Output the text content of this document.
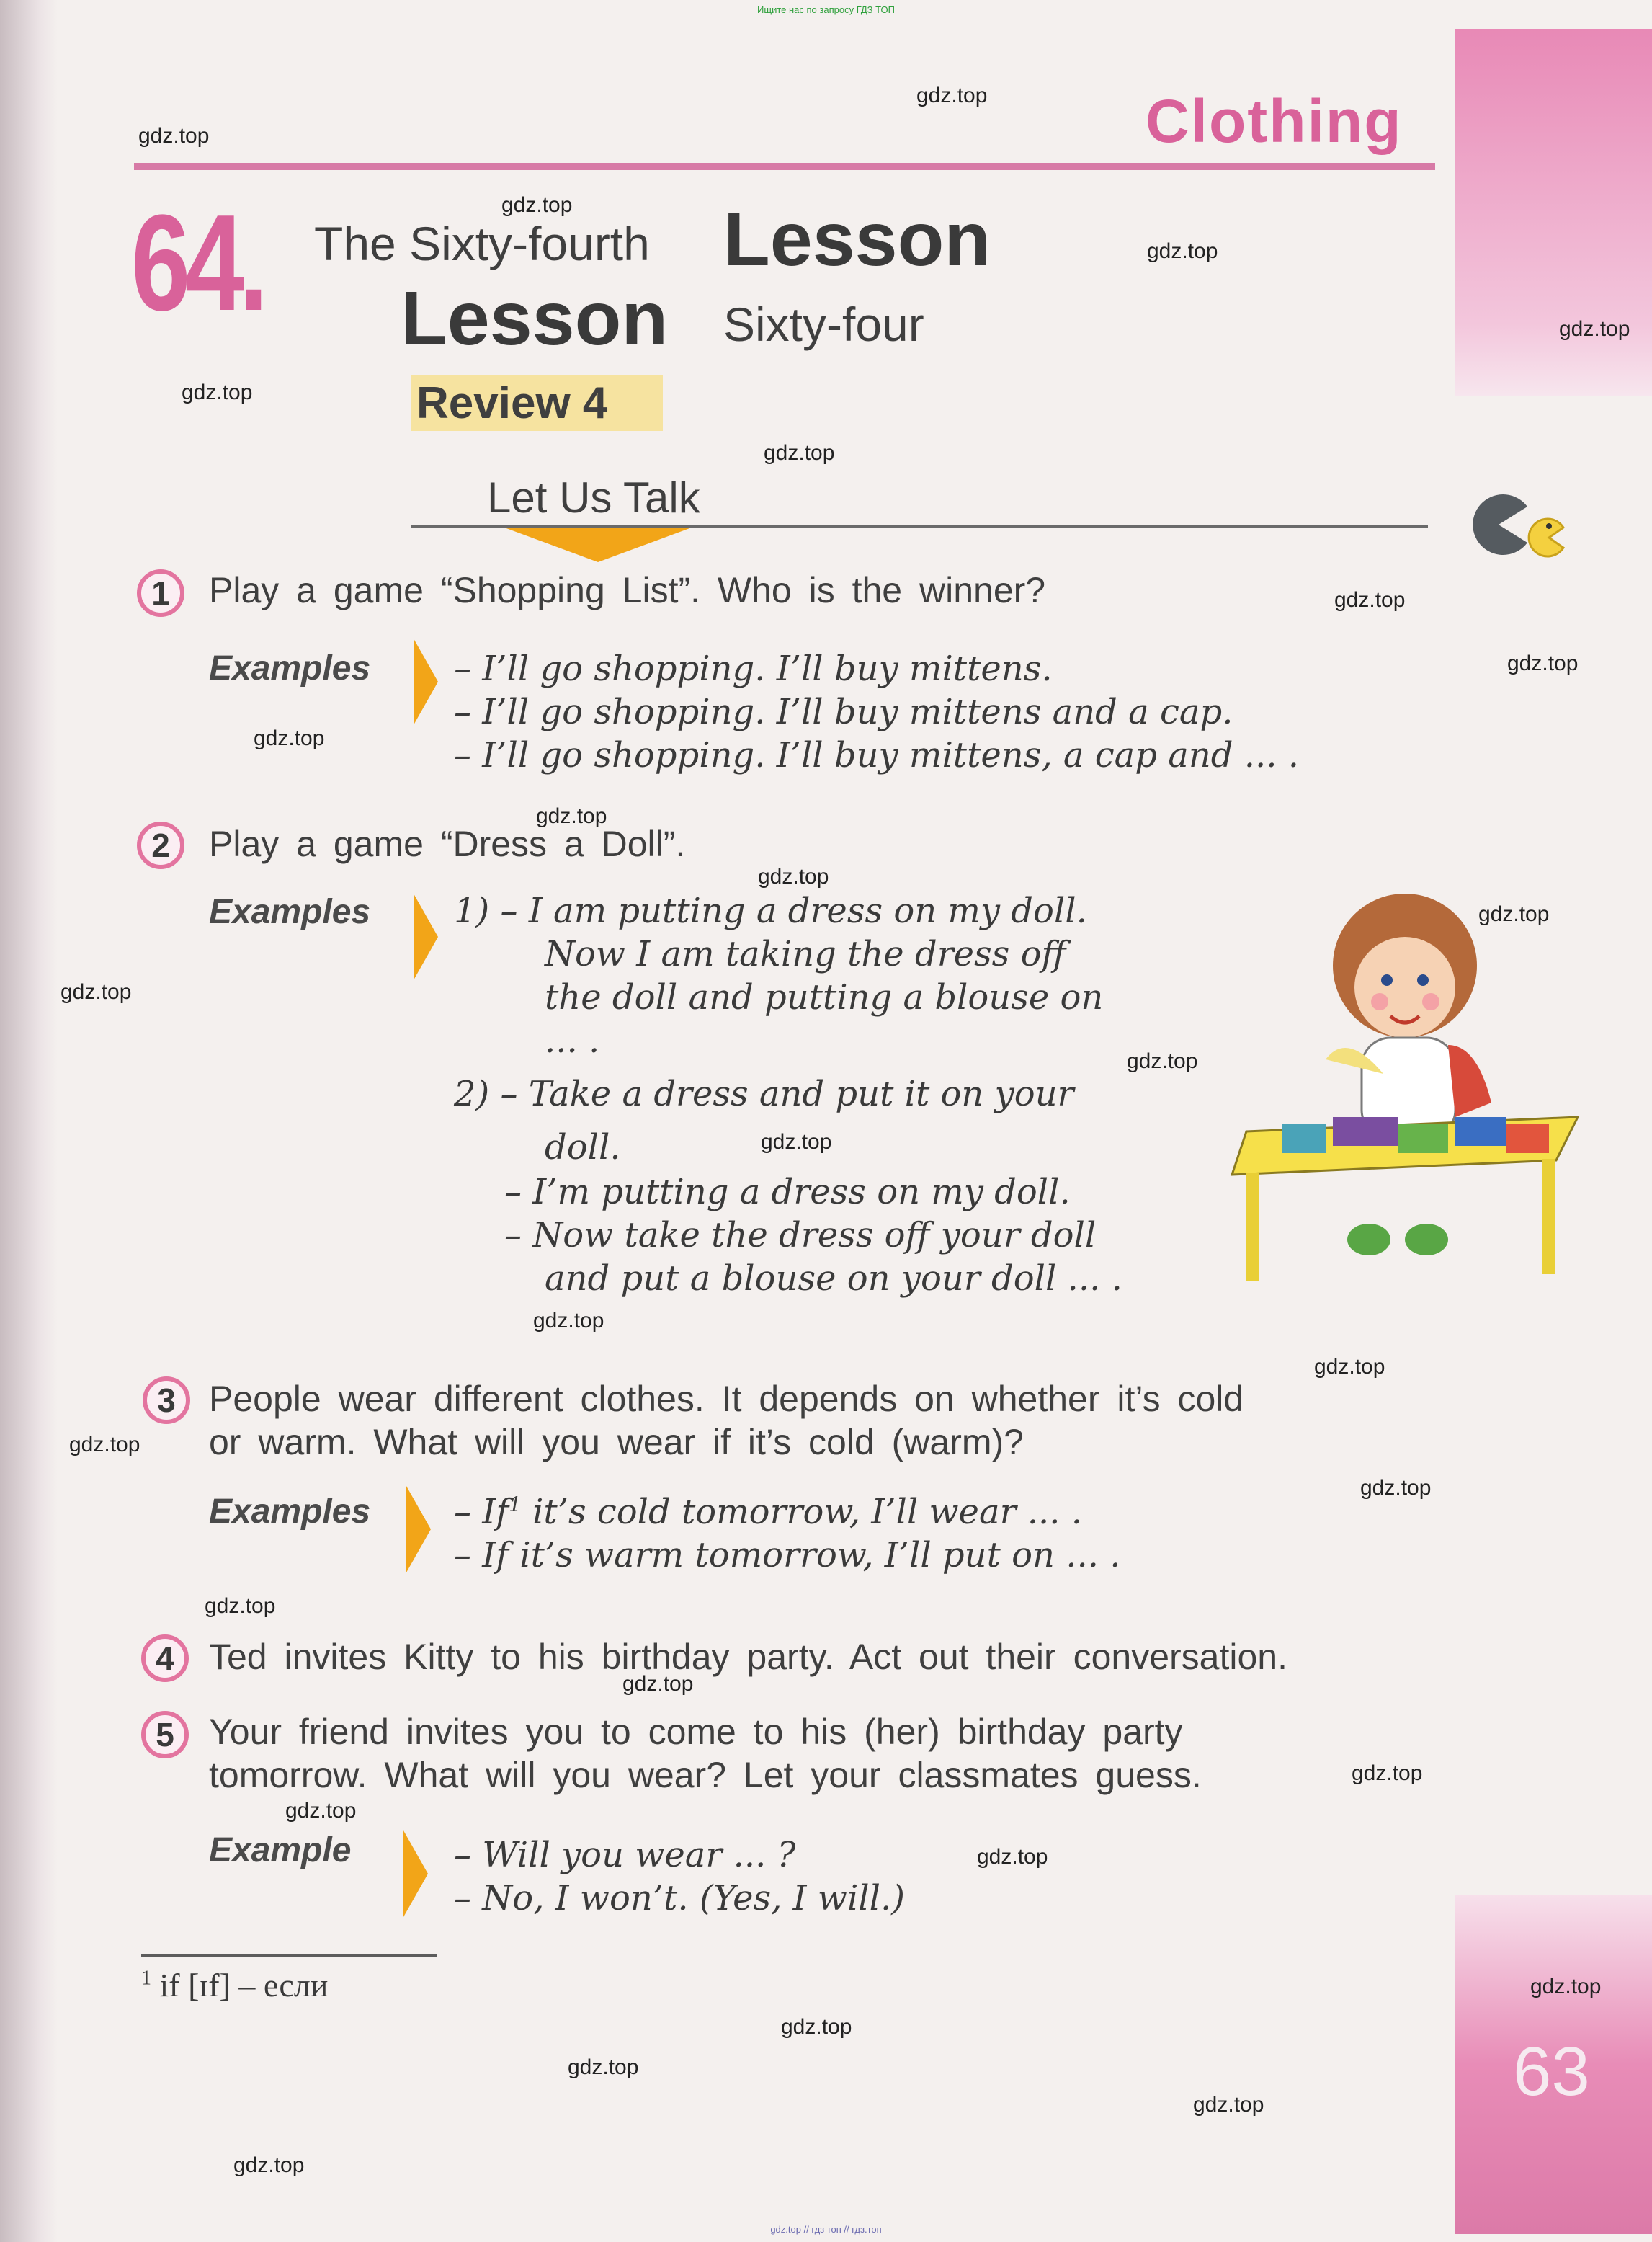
Ищите нас по запросу ГДЗ ТОП
gdz.top // гдз топ // гдз.топ
Clothing
64. The Sixty-fourth Lesson
Lesson Sixty-four
Review 4
Let Us Talk
1	Play a game “Shopping List”. Who is the winner?
Examples – I’ll go shopping. I’ll buy mittens.
– I’ll go shopping. I’ll buy mittens and a cap.
– I’ll go shopping. I’ll buy mittens, a cap and ... .
2	Play a game “Dress a Doll”.
Examples 1) – I am putting a dress on my doll.
Now I am taking the dress off
the doll and putting a blouse on
... .
2) – Take a dress and put it on your
doll.
– I’m putting a dress on my doll.
– Now take the dress off your doll
and put a blouse on your doll ... .
3 People wear different clothes. It depends on whether it’s cold
or warm. What will you wear if it’s cold (warm)?
Examples – If$^1$ it’s cold tomorrow, I’ll wear ... .
– If it’s warm tomorrow, I’ll put on ... .
4 Ted invites Kitty to his birthday party. Act out their conversation.
5 Your friend invites you to come to his (her) birthday party
tomorrow. What will you wear? Let your classmates guess.
Example	– Will you wear ... ?
– No, I won’t. (Yes, I will.)
$^1$ if [ɪf] – если
63
gdz.top
gdz.top
gdz.top
gdz.top
gdz.top
gdz.top
gdz.top
gdz.top
gdz.top
gdz.top
gdz.top
gdz.top
gdz.top
gdz.top
gdz.top
gdz.top
gdz.top
gdz.top
gdz.top
gdz.top
gdz.top
gdz.top
gdz.top
gdz.top
gdz.top
gdz.top
gdz.top
gdz.top
gdz.top
gdz.top
